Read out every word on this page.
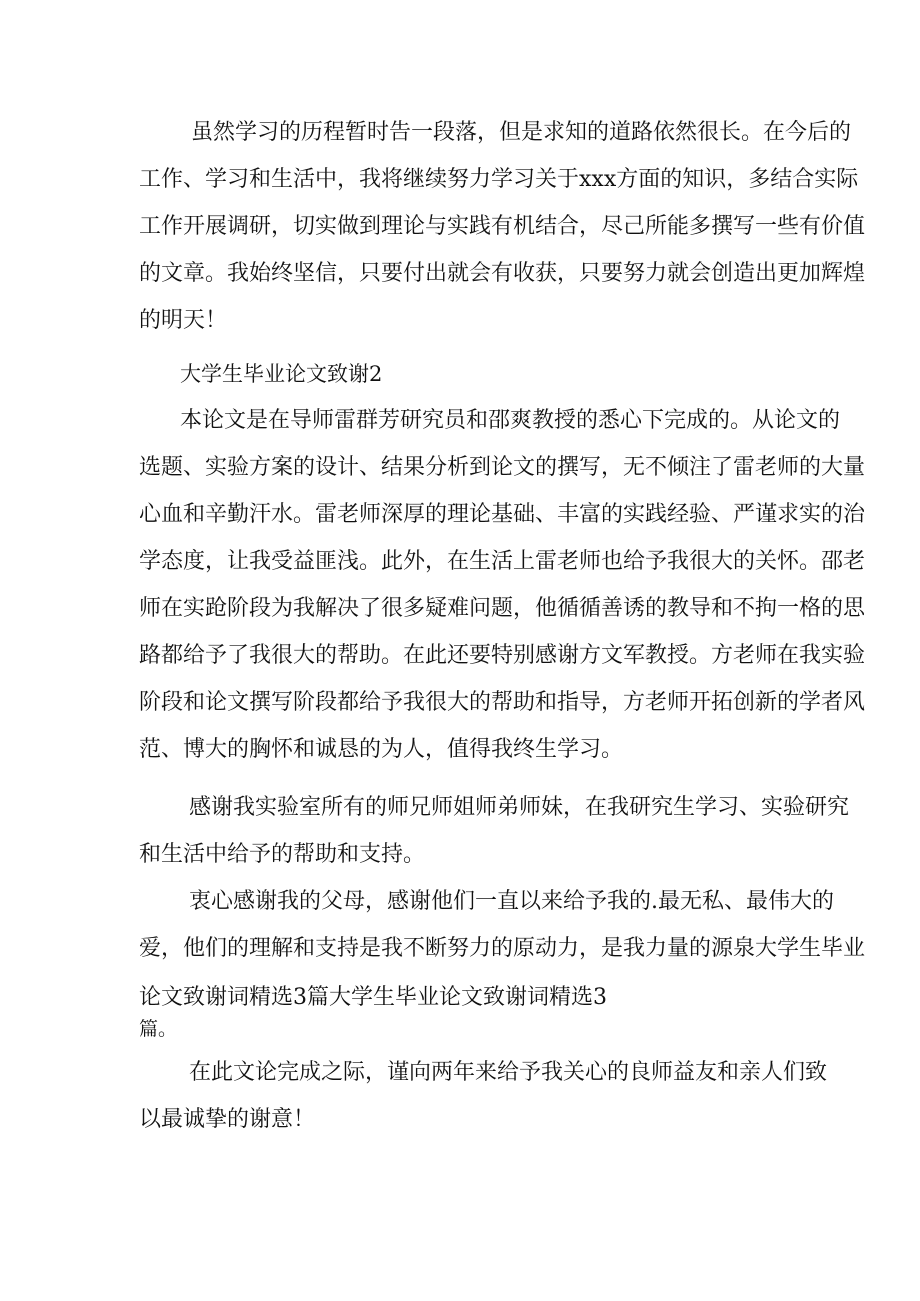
虽然学习的历程暂时告一段落，但是求知的道路依然很长。在今后的
工作、学习和生活中，我将继续努力学习关于xxx方面的知识，多结合实际
工作开展调研，切实做到理论与实践有机结合，尽己所能多撰写一些有价值
的文章。我始终坚信，只要付出就会有收获，只要努力就会创造出更加辉煌
的明天！
大学生毕业论文致谢2
本论文是在导师雷群芳研究员和邵爽教授的悉心下完成的。从论文的
选题、实验方案的设计、结果分析到论文的撰写，无不倾注了雷老师的大量
心血和辛勤汗水。雷老师深厚的理论基础、丰富的实践经验、严谨求实的治
学态度，让我受益匪浅。此外，在生活上雷老师也给予我很大的关怀。邵老
师在实跄阶段为我解决了很多疑难问题，他循循善诱的教导和不拘一格的思
路都给予了我很大的帮助。在此还要特别感谢方文军教授。方老师在我实验
阶段和论文撰写阶段都给予我很大的帮助和指导，方老师开拓创新的学者风
范、博大的胸怀和诚恳的为人，值得我终生学习。
感谢我实验室所有的师兄师姐师弟师妹，在我研究生学习、实验研究
和生活中给予的帮助和支持。
衷心感谢我的父母，感谢他们一直以来给予我的.最无私、最伟大的
爱，他们的理解和支持是我不断努力的原动力，是我力量的源泉大学生毕业
论文致谢词精选3篇大学生毕业论文致谢词精选3
篇。
在此文论完成之际，谨向两年来给予我关心的良师益友和亲人们致
以最诚挚的谢意！
